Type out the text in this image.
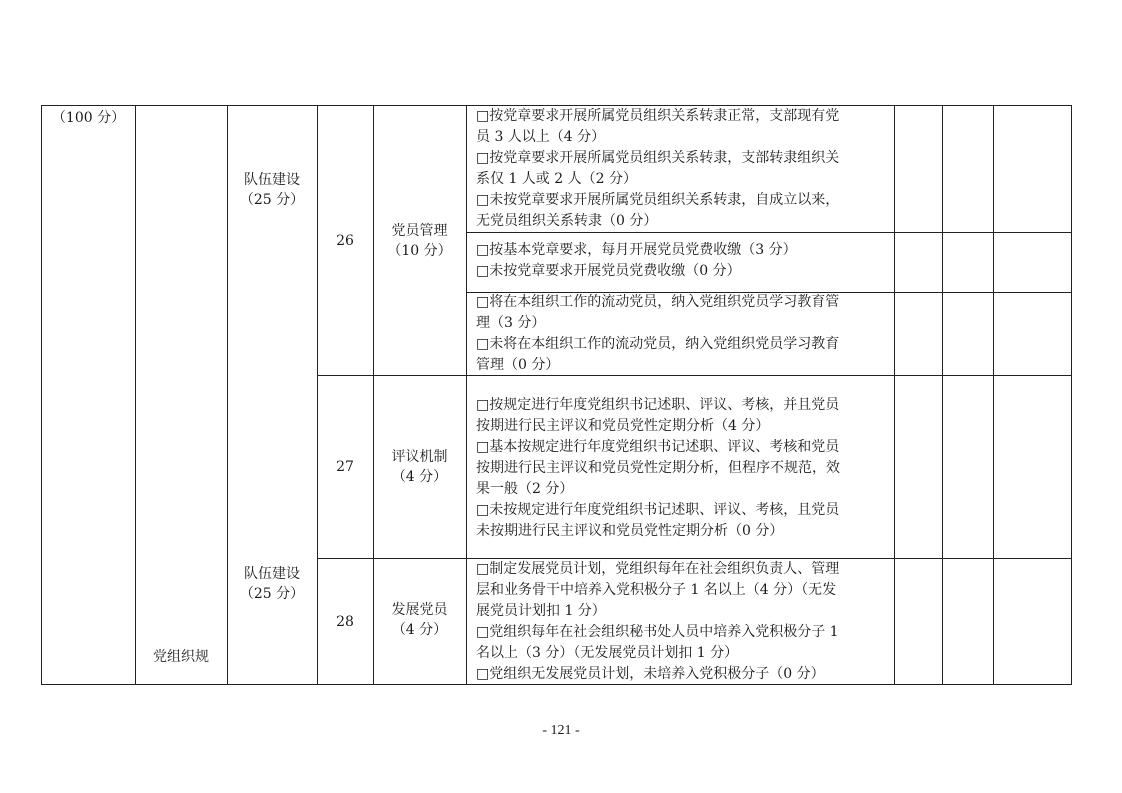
（100 分）
党组织规
队伍建设
（25 分）
队伍建设
（25 分）
26
党员管理
（10 分）

□按党章要求开展所属党员组织关系转隶正常，支部现有党

员 3 人以上（4 分）

□按党章要求开展所属党员组织关系转隶，支部转隶组织关

系仅 1 人或 2 人（2 分）

□未按党章要求开展所属党员组织关系转隶，自成立以来，

无党员组织关系转隶（0 分）

□按基本党章要求，每月开展党员党费收缴（3 分）

□未按党章要求开展党员党费收缴（0 分）

□将在本组织工作的流动党员，纳入党组织党员学习教育管

理（3 分）

□未将在本组织工作的流动党员，纳入党组织党员学习教育

管理（0 分）

27
评议机制
（4 分）

□按规定进行年度党组织书记述职、评议、考核，并且党员

按期进行民主评议和党员党性定期分析（4 分）

□基本按规定进行年度党组织书记述职、评议、考核和党员

按期进行民主评议和党员党性定期分析，但程序不规范，效

果一般（2 分）

□未按规定进行年度党组织书记述职、评议、考核，且党员

未按期进行民主评议和党员党性定期分析（0 分）

28
发展党员
（4 分）

□制定发展党员计划，党组织每年在社会组织负责人、管理

层和业务骨干中培养入党积极分子 1 名以上（4 分）（无发

展党员计划扣 1 分）

□党组织每年在社会组织秘书处人员中培养入党积极分子 1

名以上（3 分）（无发展党员计划扣 1 分）

□党组织无发展党员计划，未培养入党积极分子（0 分）

- 121 -
